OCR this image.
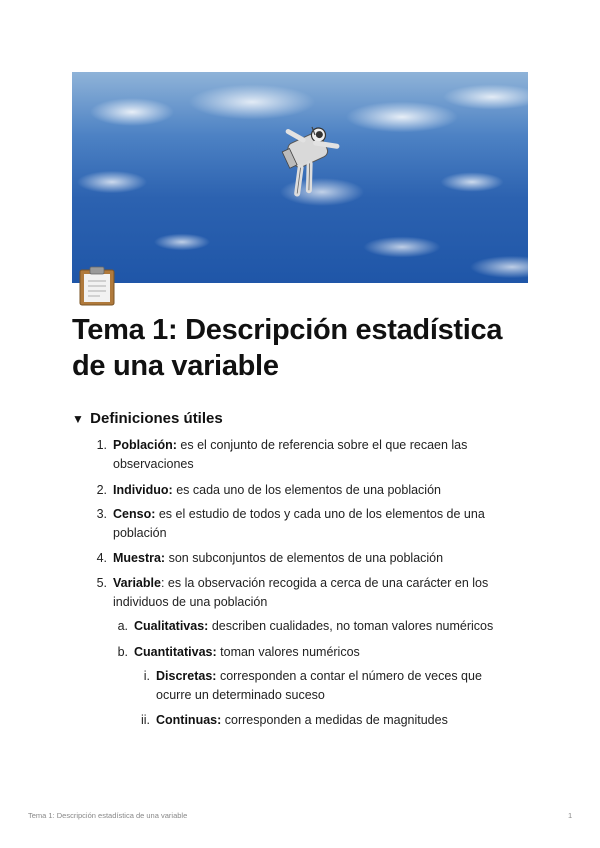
Tema 1: Descripción estadística de una variable
▼ Definiciones útiles
1. Población: es el conjunto de referencia sobre el que recaen las
observaciones
2. Individuo: es cada uno de los elementos de una población
3. Censo: es el estudio de todos y cada uno de los elementos de una
población
4. Muestra: son subconjuntos de elementos de una población
5. Variable: es la observación recogida a cerca de una carácter en los
individuos de una población
a. Cualitativas: describen cualidades, no toman valores numéricos
b. Cuantitativas: toman valores numéricos
i. Discretas: corresponden a contar el número de veces que
ocurre un determinado suceso
ii. Continuas: corresponden a medidas de magnitudes
Tema 1: Descripción estadística de una variable	1
